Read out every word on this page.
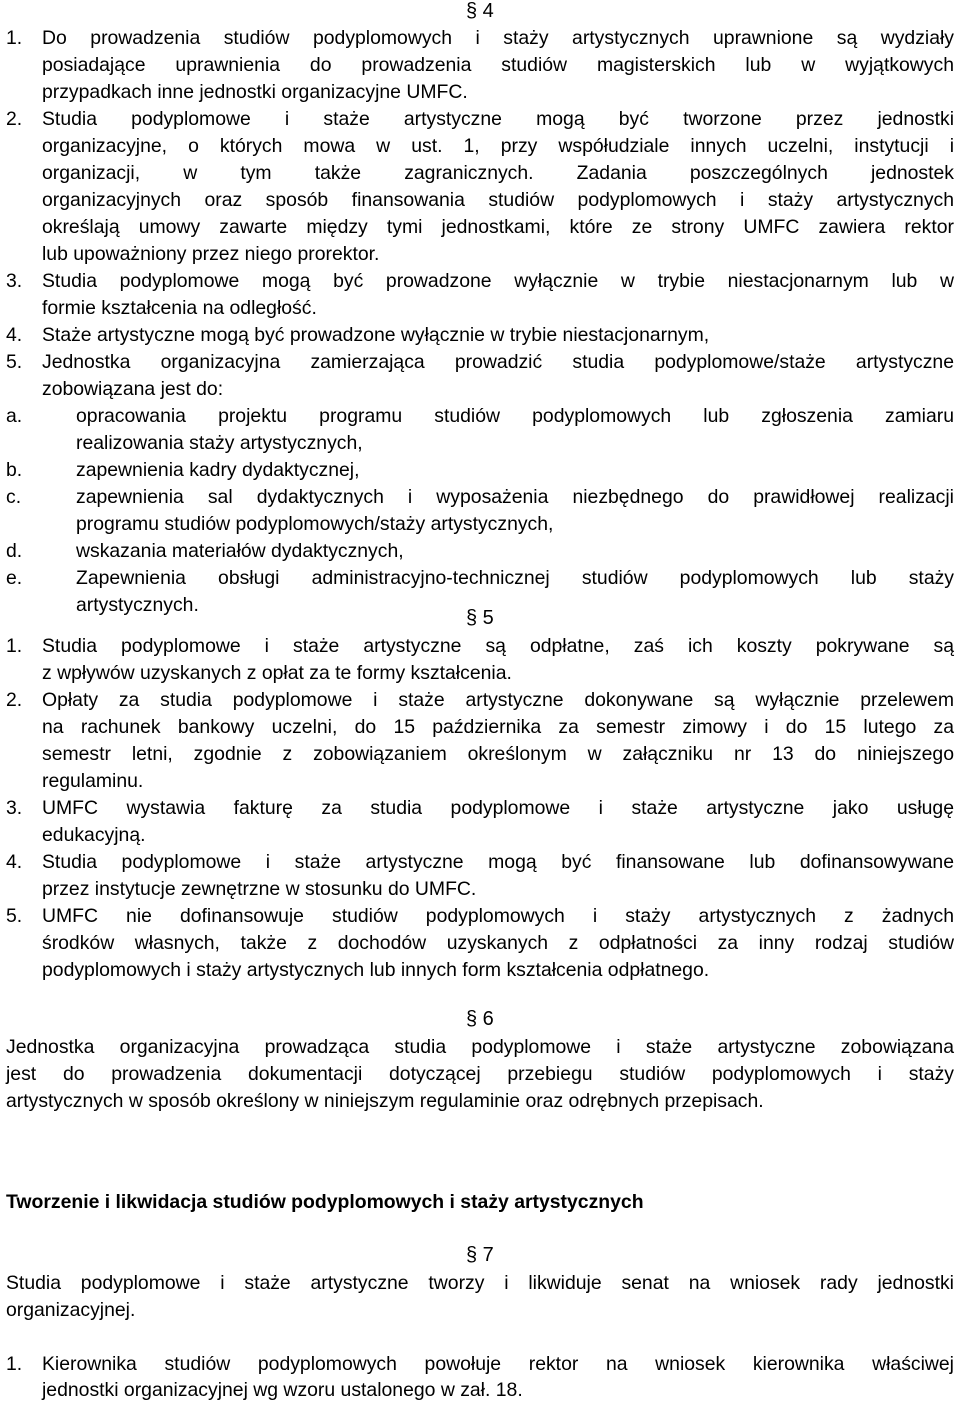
§ 4
1. Do prowadzenia studiów podyplomowych i staży artystycznych uprawnione są wydziały
posiadające uprawnienia do prowadzenia studiów magisterskich lub w wyjątkowych
przypadkach inne jednostki organizacyjne UMFC.
2. Studia podyplomowe i staże artystyczne mogą być tworzone przez jednostki
organizacyjne, o których mowa w ust. 1, przy współudziale innych uczelni, instytucji i
organizacji, w tym także zagranicznych. Zadania poszczególnych jednostek
organizacyjnych oraz sposób finansowania studiów podyplomowych i staży artystycznych
określają umowy zawarte między tymi jednostkami, które ze strony UMFC zawiera rektor
lub upoważniony przez niego prorektor.
3. Studia podyplomowe mogą być prowadzone wyłącznie w trybie niestacjonarnym lub w
formie kształcenia na odległość.
4. Staże artystyczne mogą być prowadzone wyłącznie w trybie niestacjonarnym,
5. Jednostka organizacyjna zamierzająca prowadzić studia podyplomowe/staże artystyczne
zobowiązana jest do:
a.	opracowania projektu programu studiów podyplomowych lub zgłoszenia zamiaru
realizowania staży artystycznych,
b.	zapewnienia kadry dydaktycznej,
c.	zapewnienia sal dydaktycznych i wyposażenia niezbędnego do prawidłowej realizacji
programu studiów podyplomowych/staży artystycznych,
d.	wskazania materiałów dydaktycznych,
e.	Zapewnienia obsługi administracyjno-technicznej studiów podyplomowych lub staży
artystycznych.
§ 5
1. Studia podyplomowe i staże artystyczne są odpłatne, zaś ich koszty pokrywane są
z wpływów uzyskanych z opłat za te formy kształcenia.
2. Opłaty za studia podyplomowe i staże artystyczne dokonywane są wyłącznie przelewem
na rachunek bankowy uczelni, do 15 października za semestr zimowy i do 15 lutego za
semestr letni, zgodnie z zobowiązaniem określonym w załączniku nr 13 do niniejszego
regulaminu.
3. UMFC wystawia fakturę za studia podyplomowe i staże artystyczne jako usługę
edukacyjną.
4. Studia podyplomowe i staże artystyczne mogą być finansowane lub dofinansowywane
przez instytucje zewnętrzne w stosunku do UMFC.
5. UMFC nie dofinansowuje studiów podyplomowych i staży artystycznych z żadnych
środków własnych, także z dochodów uzyskanych z odpłatności za inny rodzaj studiów
podyplomowych i staży artystycznych lub innych form kształcenia odpłatnego.
§ 6
Jednostka organizacyjna prowadząca studia podyplomowe i staże artystyczne zobowiązana
jest do prowadzenia dokumentacji dotyczącej przebiegu studiów podyplomowych i staży
artystycznych w sposób określony w niniejszym regulaminie oraz odrębnych przepisach.
Tworzenie i likwidacja studiów podyplomowych i staży artystycznych
§ 7
Studia podyplomowe i staże artystyczne tworzy i likwiduje senat na wniosek rady jednostki
organizacyjnej.
1. Kierownika studiów podyplomowych powołuje rektor na wniosek kierownika właściwej
jednostki organizacyjnej wg wzoru ustalonego w zał. 18.
